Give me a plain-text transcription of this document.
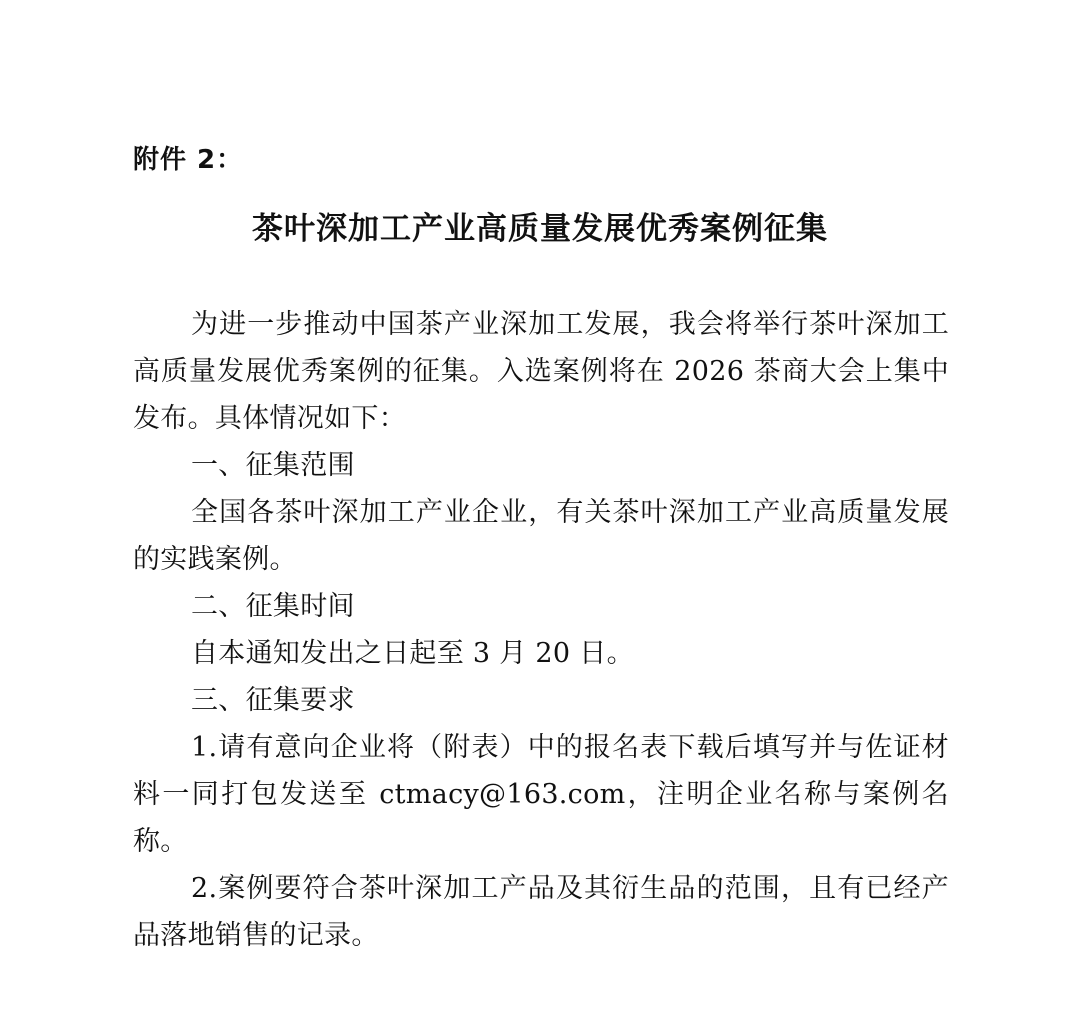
附件 2：
茶叶深加工产业高质量发展优秀案例征集

为进一步推动中国茶产业深加工发展，我会将举行茶叶深加工高质量发展优秀案例的征集。入选案例将在 2026 茶商大会上集中发布。具体情况如下：

一、征集范围

全国各茶叶深加工产业企业，有关茶叶深加工产业高质量发展的实践案例。

二、征集时间

自本通知发出之日起至 3 月 20 日。

三、征集要求

1.请有意向企业将（附表）中的报名表下载后填写并与佐证材料一同打包发送至 ctmacy@163.com，注明企业名称与案例名称。

2.案例要符合茶叶深加工产品及其衍生品的范围，且有已经产品落地销售的记录。
